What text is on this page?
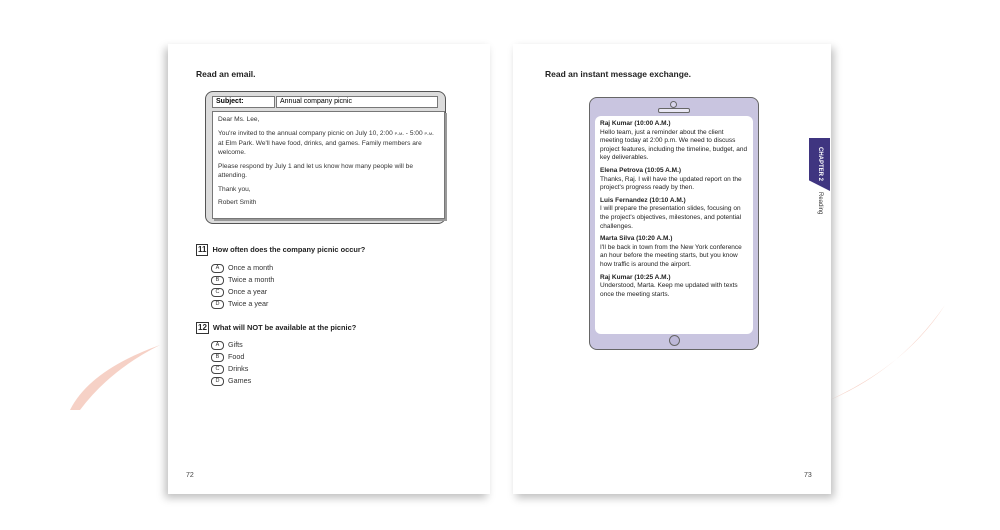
Read an email.
Subject:	Annual company picnic

Dear Ms. Lee,

You're invited to the annual company picnic on July 10, 2:00 p.m. - 5:00 p.m. at Elm Park. We'll have food, drinks, and games. Family members are welcome.

Please respond by July 1 and let us know how many people will be attending.

Thank you,

Robert Smith

11 How often does the company picnic occur?
A Once a month
B Twice a month
C Once a year
D Twice a year
12 What will NOT be available at the picnic?
A Gifts
B Food
C Drinks
D Games
72
Read an instant message exchange.
Raj Kumar (10:00 A.M.)
Hello team, just a reminder about the client meeting today at 2:00 p.m. We need to discuss project features, including the timeline, budget, and key deliverables.
Elena Petrova (10:05 A.M.)
Thanks, Raj. I will have the updated report on the project's progress ready by then.
Luis Fernandez (10:10 A.M.)
I will prepare the presentation slides, focusing on the project's objectives, milestones, and potential challenges.
Marta Silva (10:20 A.M.)
I'll be back in town from the New York conference an hour before the meeting starts, but you know how traffic is around the airport.
Raj Kumar (10:25 A.M.)
Understood, Marta. Keep me updated with texts once the meeting starts.
CHAPTER 2
Reading
73
